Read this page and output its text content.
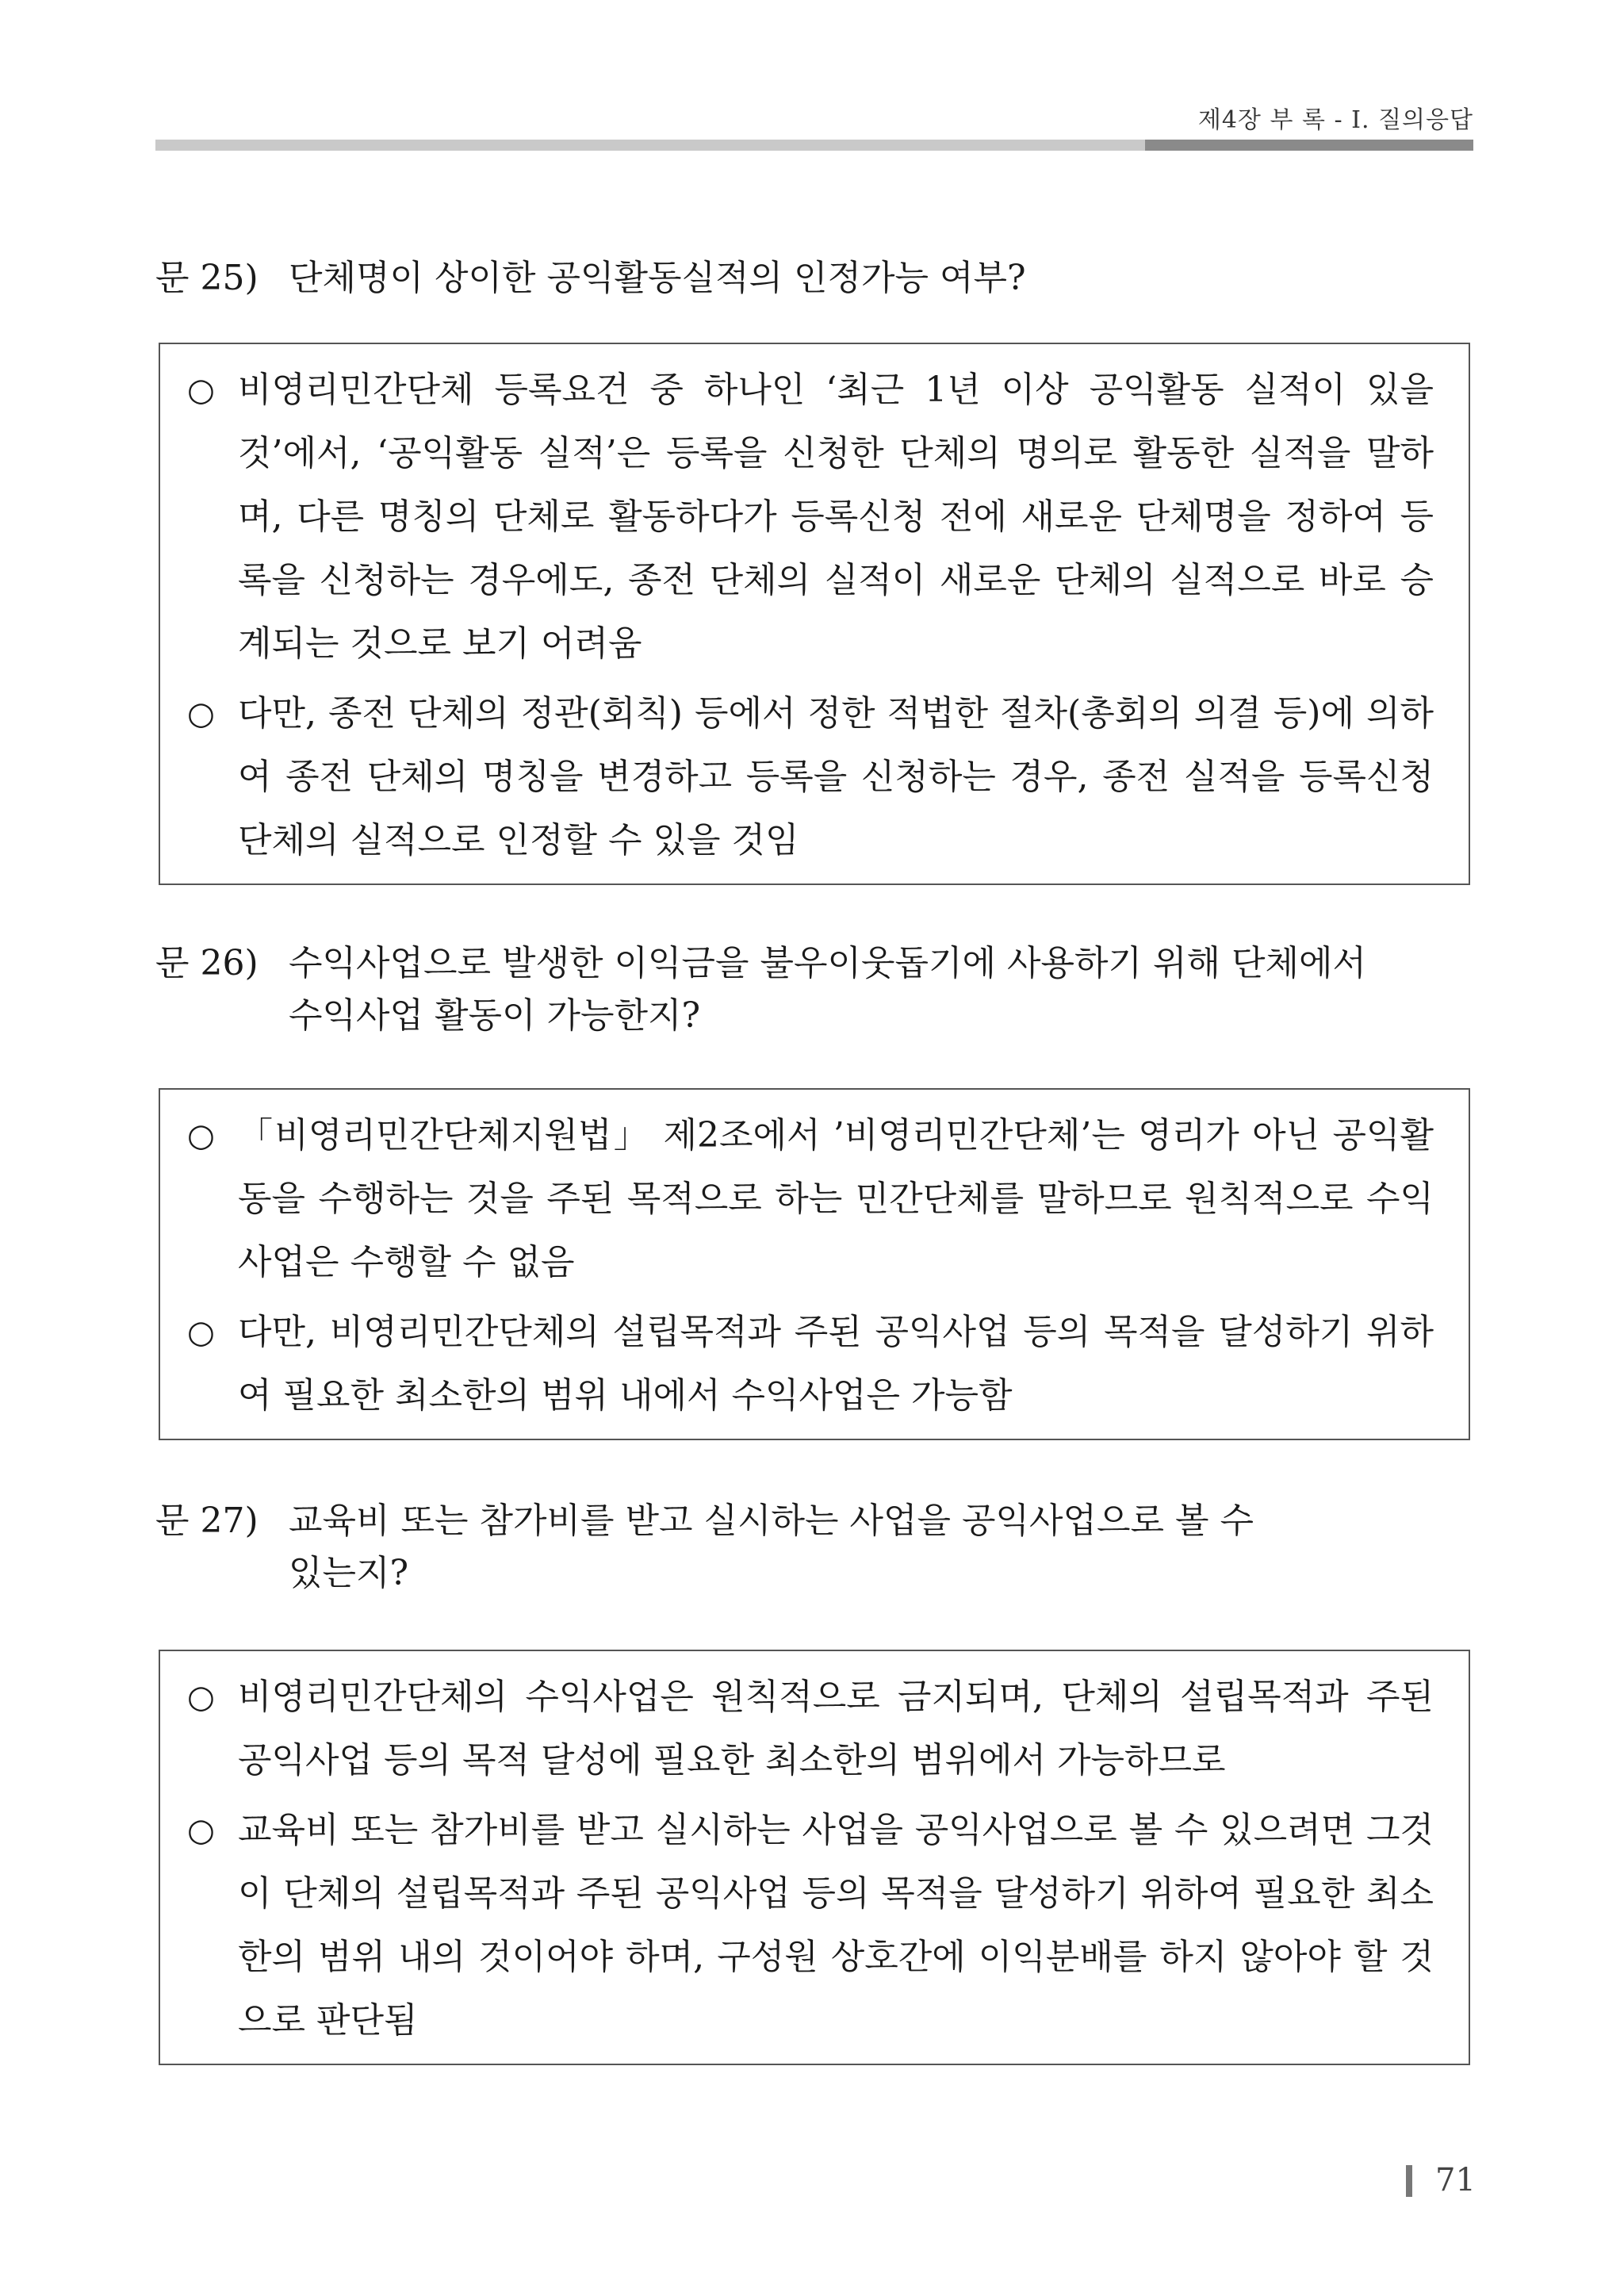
제4장 부 록 - Ⅰ. 질의응답
문 25) 단체명이 상이한 공익활동실적의 인정가능 여부?
○ 비영리민간단체 등록요건 중 하나인 ‘최근 1년 이상 공익활동 실적이 있을 것’에서, ‘공익활동 실적’은 등록을 신청한 단체의 명의로 활동한 실적을 말하며, 다른 명칭의 단체로 활동하다가 등록신청 전에 새로운 단체명을 정하여 등록을 신청하는 경우에도, 종전 단체의 실적이 새로운 단체의 실적으로 바로 승계되는 것으로 보기 어려움
○ 다만, 종전 단체의 정관(회칙) 등에서 정한 적법한 절차(총회의 의결 등)에 의하여 종전 단체의 명칭을 변경하고 등록을 신청하는 경우, 종전 실적을 등록신청 단체의 실적으로 인정할 수 있을 것임
문 26) 수익사업으로 발생한 이익금을 불우이웃돕기에 사용하기 위해 단체에서
수익사업 활동이 가능한지?
○ 「비영리민간단체지원법」 제2조에서 ’비영리민간단체’는 영리가 아닌 공익활동을 수행하는 것을 주된 목적으로 하는 민간단체를 말하므로 원칙적으로 수익사업은 수행할 수 없음
○ 다만, 비영리민간단체의 설립목적과 주된 공익사업 등의 목적을 달성하기 위하여 필요한 최소한의 범위 내에서 수익사업은 가능함
문 27) 교육비 또는 참가비를 받고 실시하는 사업을 공익사업으로 볼 수
있는지?
○ 비영리민간단체의 수익사업은 원칙적으로 금지되며, 단체의 설립목적과 주된 공익사업 등의 목적 달성에 필요한 최소한의 범위에서 가능하므로
○ 교육비 또는 참가비를 받고 실시하는 사업을 공익사업으로 볼 수 있으려면 그것이 단체의 설립목적과 주된 공익사업 등의 목적을 달성하기 위하여 필요한 최소한의 범위 내의 것이어야 하며, 구성원 상호간에 이익분배를 하지 않아야 할 것으로 판단됨
71
